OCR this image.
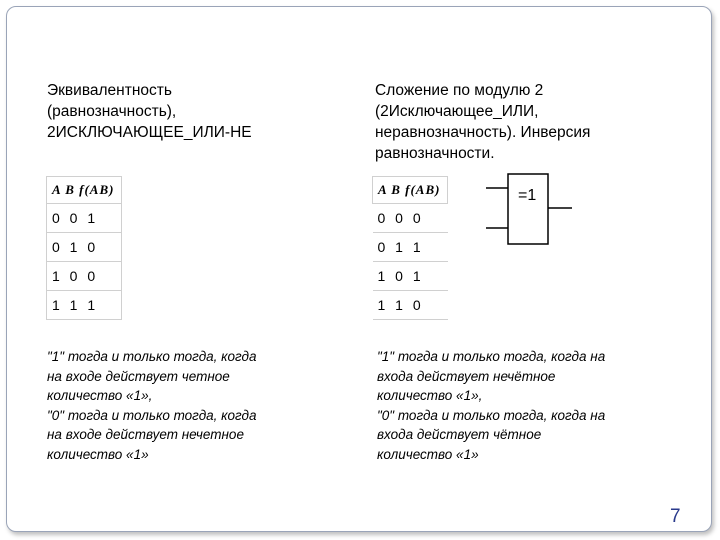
Эквивалентность
(равнозначность),
2ИСКЛЮЧАЮЩЕЕ_ИЛИ-НЕ
Сложение по модулю 2
(2Исключающее_ИЛИ,
неравнозначность). Инверсия
равнозначности.
A B f(AB)
0 0 1
0 1 0
1 0 0
1 1 1
A B f(AB)
0 0 0
0 1 1
1 0 1
1 1 0
=1
"1" тогда и только тогда, когда
на входе действует четное
количество «1»,
"0" тогда и только тогда, когда
на входе действует нечетное
количество «1»
"1" тогда и только тогда, когда на
входа действует нечётное
количество «1»,
"0" тогда и только тогда, когда на
входа действует чётное
количество «1»
7
